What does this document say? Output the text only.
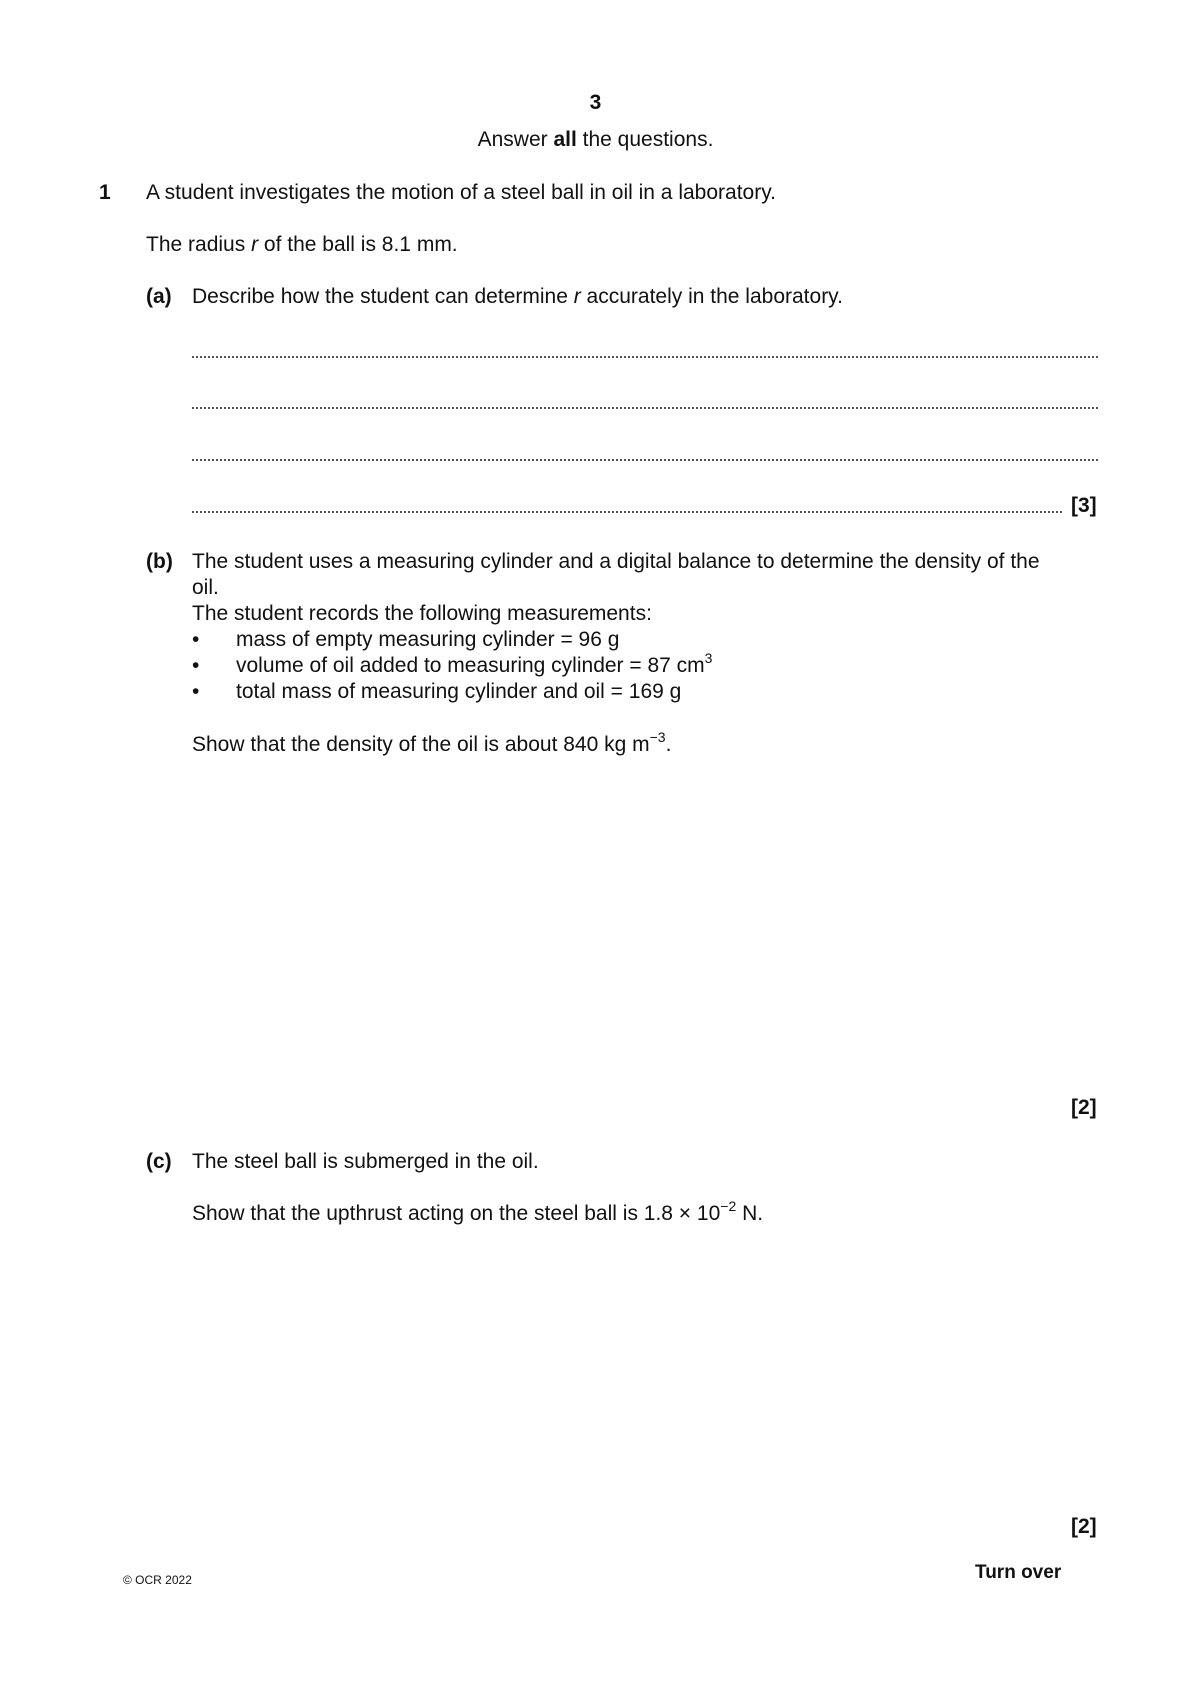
3
Answer all the questions.
1 A student investigates the motion of a steel ball in oil in a laboratory.
The radius r of the ball is 8.1 mm.
(a) Describe how the student can determine r accurately in the laboratory.
[3]
(b) The student uses a measuring cylinder and a digital balance to determine the density of the
oil.
The student records the following measurements:
• mass of empty measuring cylinder = 96 g
• volume of oil added to measuring cylinder = 87 $cm^3$
• total mass of measuring cylinder and oil = 169 g
Show that the density of the oil is about 840 kg $m^{-3}$.
[2]
(c) The steel ball is submerged in the oil.
Show that the upthrust acting on the steel ball is $1.8 \times 10^{-2}$ N.
[2]
© OCR 2022	Turn over
